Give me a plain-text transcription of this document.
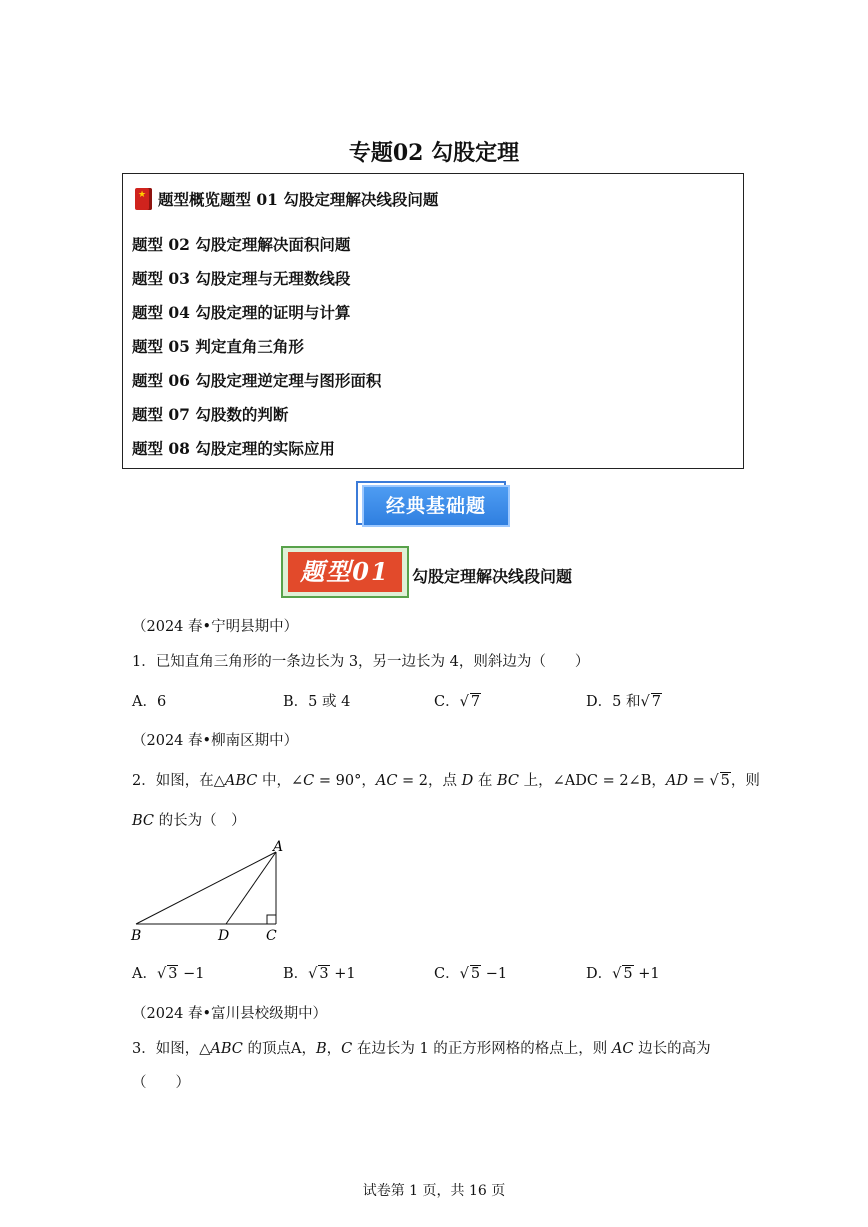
专题02 勾股定理
★
题型概览题型 01 勾股定理解决线段问题
题型 02 勾股定理解决面积问题
题型 03 勾股定理与无理数线段
题型 04 勾股定理的证明与计算
题型 05 判定直角三角形
题型 06 勾股定理逆定理与图形面积
题型 07 勾股数的判断
题型 08 勾股定理的实际应用
经典基础题
题型01	勾股定理解决线段问题
（2024 春•宁明县期中）
1．已知直角三角形的一条边长为 3，另一边长为 4，则斜边为（　　）
A．6	B．5 或 4	C．√ 7	D．5 和√ 7
（2024 春•柳南区期中）
2．如图，在△ABC 中，∠C = 90°，AC = 2，点 D 在 BC 上，∠ADC = 2∠B，AD = √ 5，则
BC 的长为（　）
A
B	D	C
A．√ 3 −1	B．√ 3 +1	C．√ 5 −1	D．√ 5 +1
（2024 春•富川县校级期中）
3．如图，△ABC 的顶点A，B，C 在边长为 1 的正方形网格的格点上，则 AC 边长的高为
（　　）
试卷第 1 页，共 16 页
